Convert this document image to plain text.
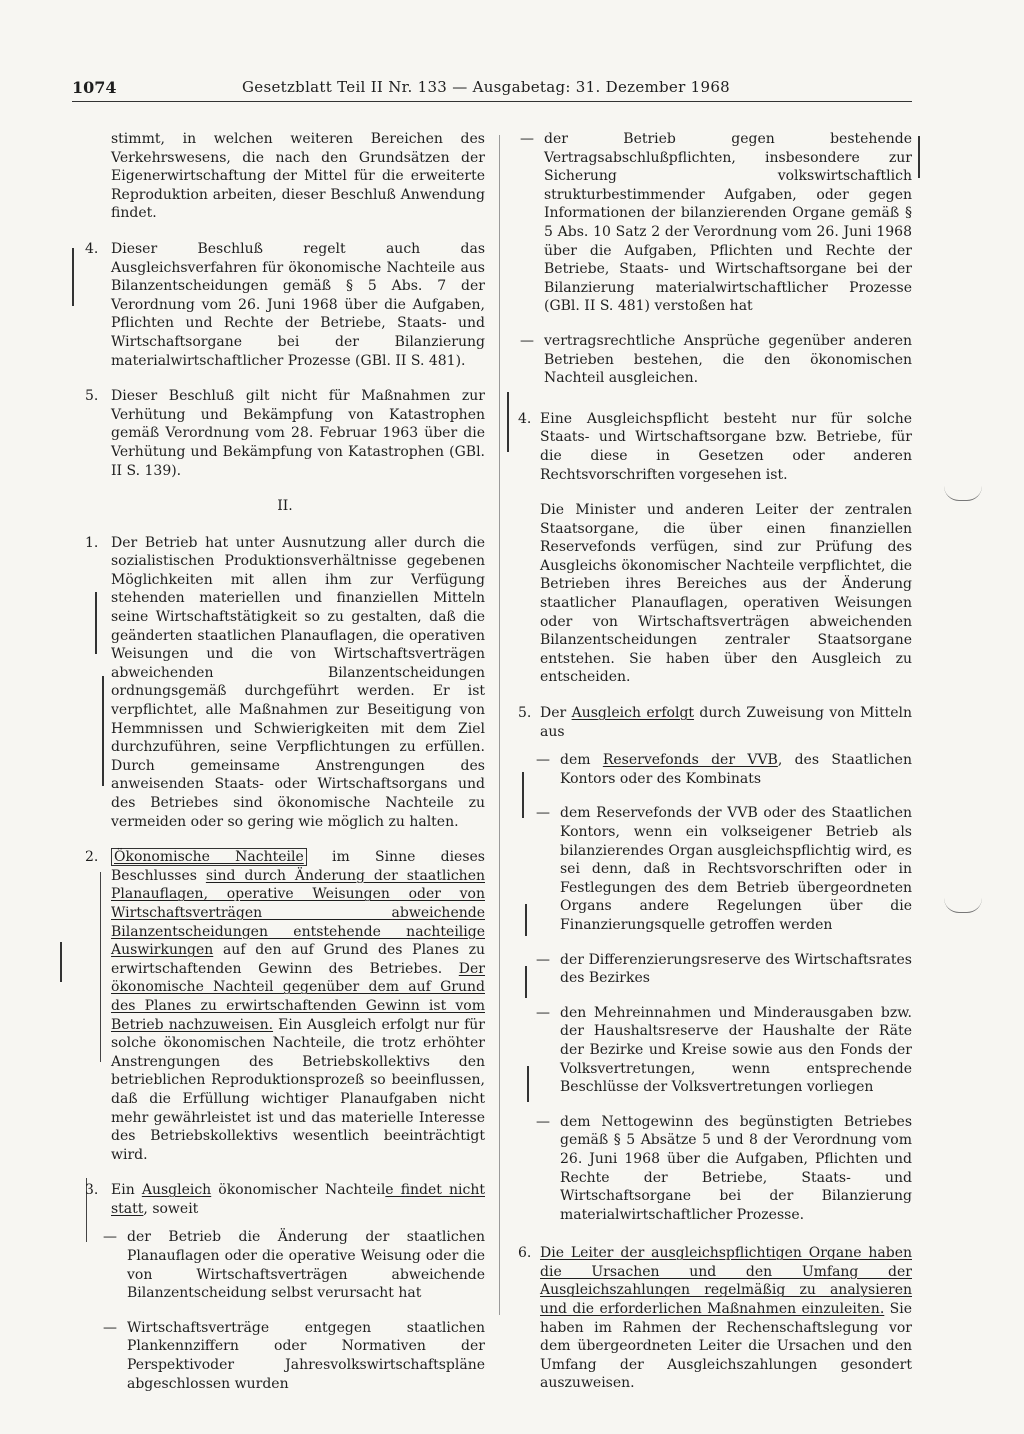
1074	Gesetzblatt Teil II Nr. 133 — Ausgabetag: 31. Dezember 1968

stimmt, in welchen weiteren Bereichen des Verkehrswesens, die nach den Grundsätzen der Eigenerwirtschaftung der Mittel für die erweiterte Reproduktion arbeiten, dieser Beschluß Anwendung findet.

4. Dieser Beschluß regelt auch das Ausgleichsverfahren für ökonomische Nachteile aus Bilanzentscheidungen gemäß § 5 Abs. 7 der Verordnung vom 26. Juni 1968 über die Aufgaben, Pflichten und Rechte der Betriebe, Staats- und Wirtschaftsorgane bei der Bilanzierung materialwirtschaftlicher Prozesse (GBl. II S. 481).

5. Dieser Beschluß gilt nicht für Maßnahmen zur Verhütung und Bekämpfung von Katastrophen gemäß Verordnung vom 28. Februar 1963 über die Verhütung und Bekämpfung von Katastrophen (GBl. II S. 139).

II.

1. Der Betrieb hat unter Ausnutzung aller durch die sozialistischen Produktionsverhältnisse gegebenen Möglichkeiten mit allen ihm zur Verfügung stehenden materiellen und finanziellen Mitteln seine Wirtschaftstätigkeit so zu gestalten, daß die geänderten staatlichen Planauflagen, die operativen Weisungen und die von Wirtschaftsverträgen abweichenden Bilanzentscheidungen ordnungsgemäß durchgeführt werden. Er ist verpflichtet, alle Maßnahmen zur Beseitigung von Hemmnissen und Schwierigkeiten mit dem Ziel durchzuführen, seine Verpflichtungen zu erfüllen. Durch gemeinsame Anstrengungen des anweisenden Staats- oder Wirtschaftsorgans und des Betriebes sind ökonomische Nachteile zu vermeiden oder so gering wie möglich zu halten.

2. Ökonomische Nachteile im Sinne dieses Beschlusses sind durch Änderung der staatlichen Planauflagen, operative Weisungen oder von Wirtschaftsverträgen abweichende Bilanzentscheidungen entstehende nachteilige Auswirkungen auf den auf Grund des Planes zu erwirtschaftenden Gewinn des Betriebes. Der ökonomische Nachteil gegenüber dem auf Grund des Planes zu erwirtschaftenden Gewinn ist vom Betrieb nachzuweisen. Ein Ausgleich erfolgt nur für solche ökonomischen Nachteile, die trotz erhöhter Anstrengungen des Betriebskollektivs den betrieblichen Reproduktionsprozeß so beeinflussen, daß die Erfüllung wichtiger Planaufgaben nicht mehr gewährleistet ist und das materielle Interesse des Betriebskollektivs wesentlich beeinträchtigt wird.

3. Ein Ausgleich ökonomischer Nachteile findet nicht statt, soweit

— der Betrieb die Änderung der staatlichen Planauflagen oder die operative Weisung oder die von Wirtschaftsverträgen abweichende Bilanzentscheidung selbst verursacht hat

— Wirtschaftsverträge entgegen staatlichen Plankennziffern oder Normativen der Perspektivoder Jahresvolkswirtschaftspläne abgeschlossen wurden

— der Betrieb gegen bestehende Vertragsabschlußpflichten, insbesondere zur Sicherung volkswirtschaftlich strukturbestimmender Aufgaben, oder gegen Informationen der bilanzierenden Organe gemäß § 5 Abs. 10 Satz 2 der Verordnung vom 26. Juni 1968 über die Aufgaben, Pflichten und Rechte der Betriebe, Staats- und Wirtschaftsorgane bei der Bilanzierung materialwirtschaftlicher Prozesse (GBl. II S. 481) verstoßen hat

— vertragsrechtliche Ansprüche gegenüber anderen Betrieben bestehen, die den ökonomischen Nachteil ausgleichen.

4. Eine Ausgleichspflicht besteht nur für solche Staats- und Wirtschaftsorgane bzw. Betriebe, für die diese in Gesetzen oder anderen Rechtsvorschriften vorgesehen ist.

Die Minister und anderen Leiter der zentralen Staatsorgane, die über einen finanziellen Reservefonds verfügen, sind zur Prüfung des Ausgleichs ökonomischer Nachteile verpflichtet, die Betrieben ihres Bereiches aus der Änderung staatlicher Planauflagen, operativen Weisungen oder von Wirtschaftsverträgen abweichenden Bilanzentscheidungen zentraler Staatsorgane entstehen. Sie haben über den Ausgleich zu entscheiden.

5. Der Ausgleich erfolgt durch Zuweisung von Mitteln aus

— dem Reservefonds der VVB, des Staatlichen Kontors oder des Kombinats

— dem Reservefonds der VVB oder des Staatlichen Kontors, wenn ein volkseigener Betrieb als bilanzierendes Organ ausgleichspflichtig wird, es sei denn, daß in Rechtsvorschriften oder in Festlegungen des dem Betrieb übergeordneten Organs andere Regelungen über die Finanzierungsquelle getroffen werden

— der Differenzierungsreserve des Wirtschaftsrates des Bezirkes

— den Mehreinnahmen und Minderausgaben bzw. der Haushaltsreserve der Haushalte der Räte der Bezirke und Kreise sowie aus den Fonds der Volksvertretungen, wenn entsprechende Beschlüsse der Volksvertretungen vorliegen

— dem Nettogewinn des begünstigten Betriebes gemäß § 5 Absätze 5 und 8 der Verordnung vom 26. Juni 1968 über die Aufgaben, Pflichten und Rechte der Betriebe, Staats- und Wirtschaftsorgane bei der Bilanzierung materialwirtschaftlicher Prozesse.

6. Die Leiter der ausgleichspflichtigen Organe haben die Ursachen und den Umfang der Ausgleichszahlungen regelmäßig zu analysieren und die erforderlichen Maßnahmen einzuleiten. Sie haben im Rahmen der Rechenschaftslegung vor dem übergeordneten Leiter die Ursachen und den Umfang der Ausgleichszahlungen gesondert auszuweisen.
